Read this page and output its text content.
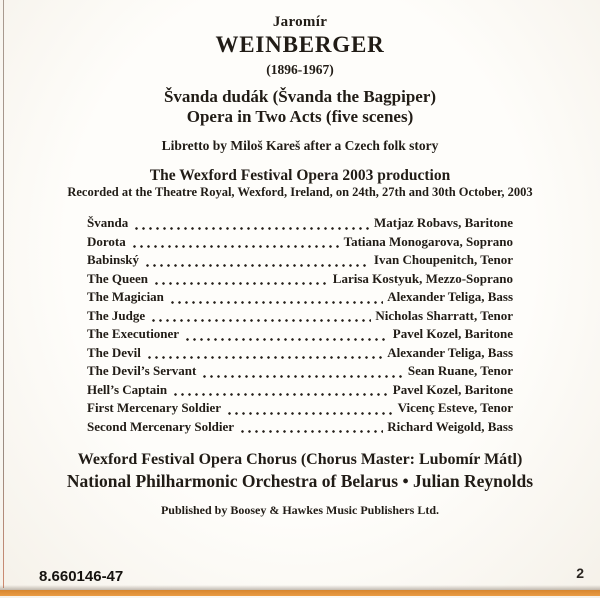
Jaromír
WEINBERGER
(1896-1967)
Švanda dudák (Švanda the Bagpiper)
Opera in Two Acts (five scenes)
Libretto by Miloš Kareš after a Czech folk story
The Wexford Festival Opera 2003 production
Recorded at the Theatre Royal, Wexford, Ireland, on 24th, 27th and 30th October, 2003
Švanda	Matjaz Robavs, Baritone
Dorota	Tatiana Monogarova, Soprano
Babinský	Ivan Choupenitch, Tenor
The Queen	Larisa Kostyuk, Mezzo-Soprano
The Magician	Alexander Teliga, Bass
The Judge	Nicholas Sharratt, Tenor
The Executioner	Pavel Kozel, Baritone
The Devil	Alexander Teliga, Bass
The Devil’s Servant	Sean Ruane, Tenor
Hell’s Captain	Pavel Kozel, Baritone
First Mercenary Soldier	Vicenç Esteve, Tenor
Second Mercenary Soldier	Richard Weigold, Bass
Wexford Festival Opera Chorus (Chorus Master: Lubomír Mátl)
National Philharmonic Orchestra of Belarus • Julian Reynolds
Published by Boosey & Hawkes Music Publishers Ltd.
8.660146-47	2
